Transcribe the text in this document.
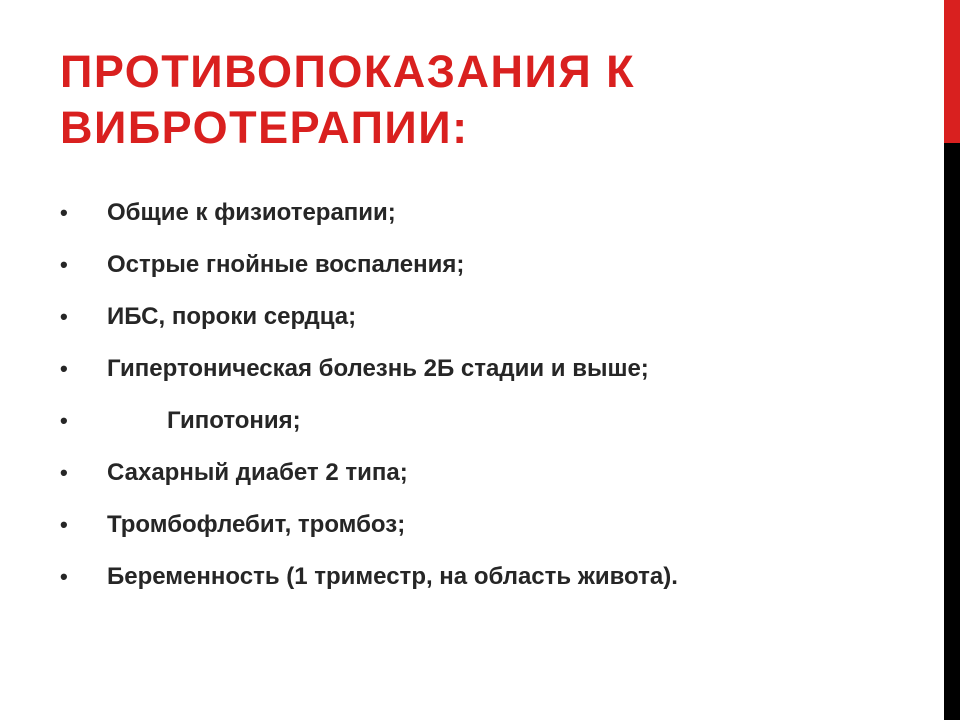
ПРОТИВОПОКАЗАНИЯ К
ВИБРОТЕРАПИИ:
•	Общие к физиотерапии;
•	Острые гнойные воспаления;
•	ИБС, пороки сердца;
•	Гипертоническая болезнь 2Б стадии и выше;
•	Гипотония;
•	Сахарный диабет 2 типа;
•	Тромбофлебит, тромбоз;
•	Беременность (1 триместр, на область живота).
